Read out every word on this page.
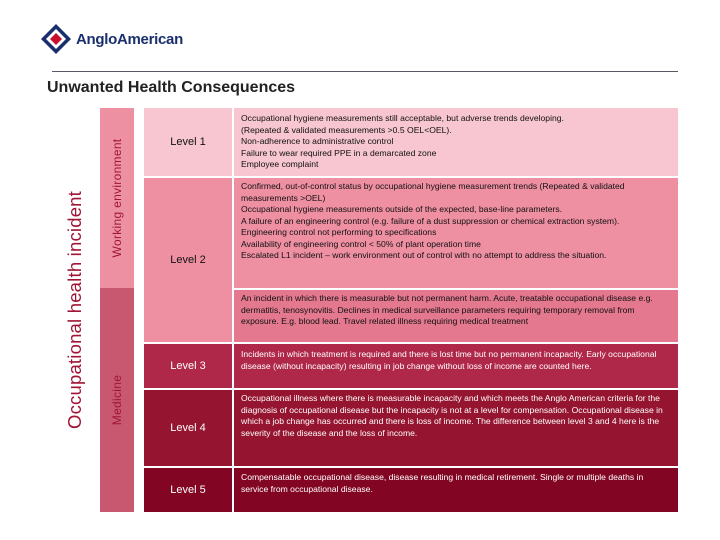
AngloAmerican
Unwanted Health Consequences
Occupational health incident Working environment
Medicine
Level 1
Occupational hygiene measurements still acceptable, but adverse trends developing.
(Repeated & validated measurements >0.5 OEL<OEL).
Non-adherence to administrative control
Failure to wear required PPE in a demarcated zone
Employee complaint
Level 2
Confirmed, out-of-control status by occupational hygiene measurement trends (Repeated & validated measurements >OEL)
Occupational hygiene measurements outside of the expected, base-line parameters.
A failure of an engineering control (e.g. failure of a dust suppression or chemical extraction system).
Engineering control not performing to specifications
Availability of engineering control < 50% of plant operation time
Escalated L1 incident – work environment out of control with no attempt to address the situation.
An incident in which there is measurable but not permanent harm. Acute, treatable occupational disease e.g. dermatitis, tenosynovitis. Declines in medical surveillance parameters requiring temporary removal from exposure. E.g. blood lead. Travel related illness requiring medical treatment
Level 3
Incidents in which treatment is required and there is lost time but no permanent incapacity. Early occupational disease (without incapacity) resulting in job change without loss of income are counted here.
Level 4
Occupational illness where there is measurable incapacity and which meets the Anglo American criteria for the diagnosis of occupational disease but the incapacity is not at a level for compensation. Occupational disease in which a job change has occurred and there is loss of income. The difference between level 3 and 4 here is the severity of the disease and the loss of income.
Level 5
Compensatable occupational disease, disease resulting in medical retirement. Single or multiple deaths in service from occupational disease.
